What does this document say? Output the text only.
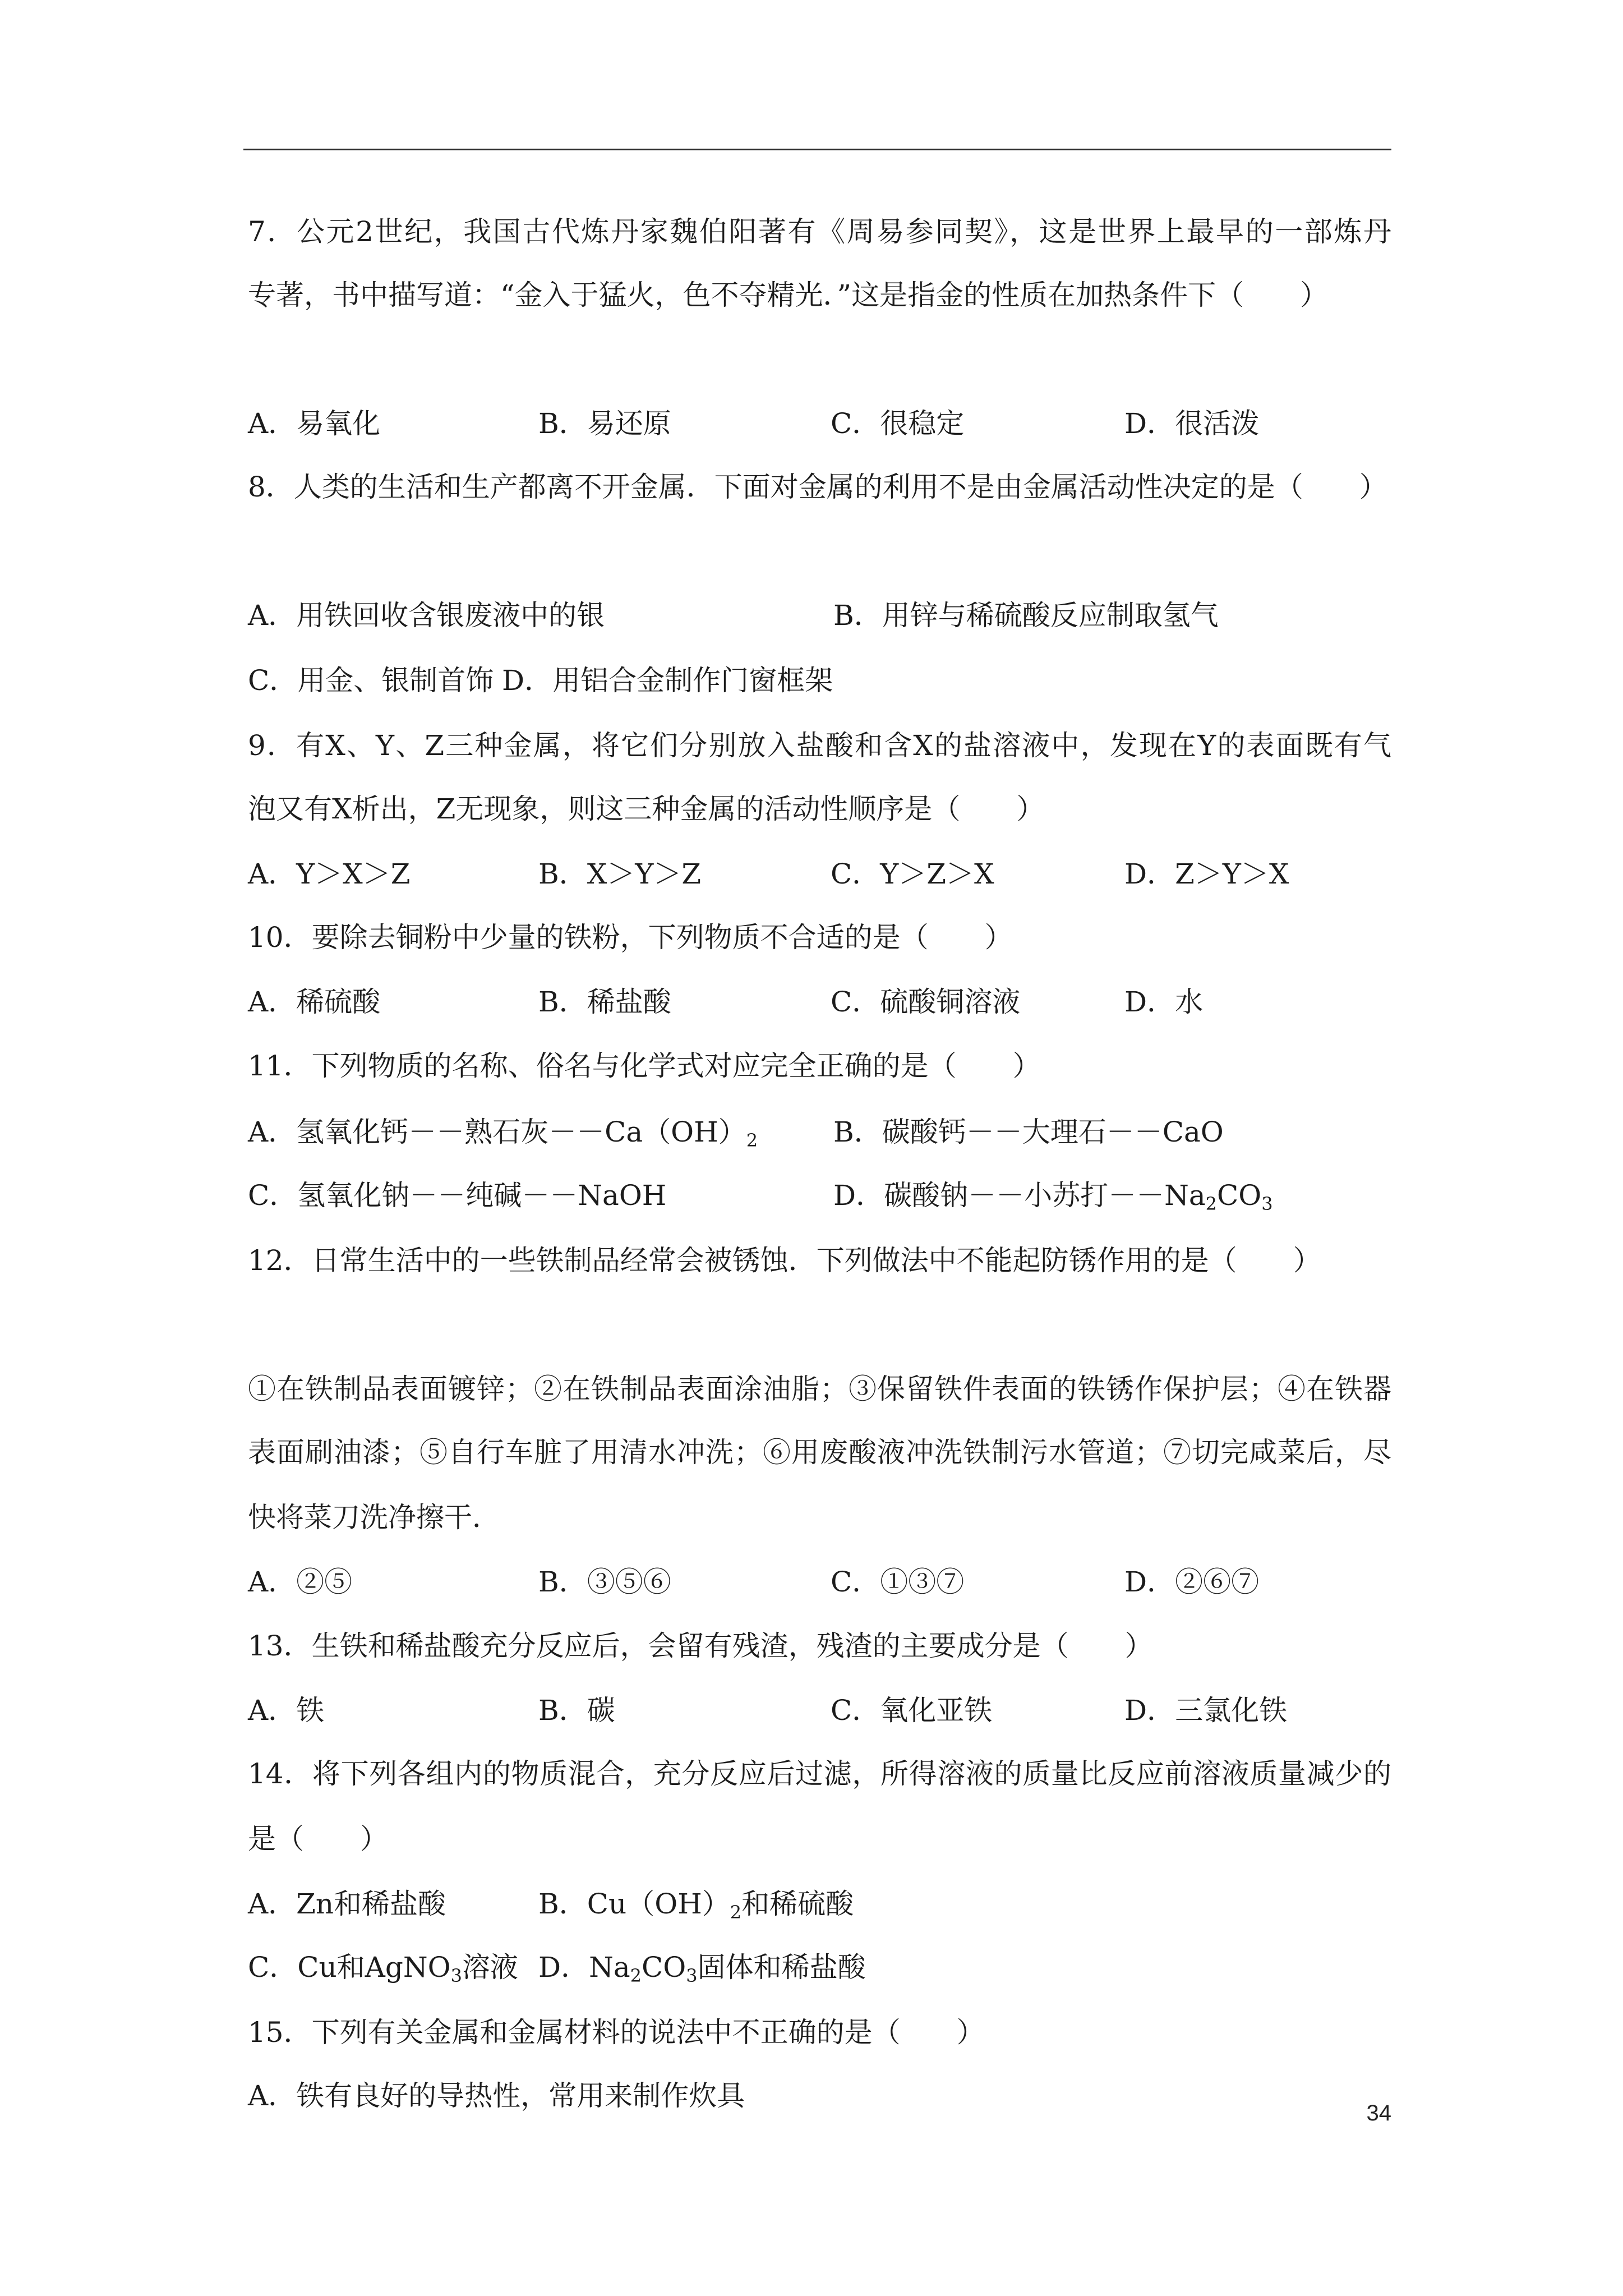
7．公元2世纪，我国古代炼丹家魏伯阳著有《周易参同契》，这是世界上最早的一部炼丹
专著，书中描写道：“金入于猛火，色不夺精光．”这是指金的性质在加热条件下（　　）
A．易氧化	B．易还原	C．很稳定	D．很活泼
8．人类的生活和生产都离不开金属．下面对金属的利用不是由金属活动性决定的是（　　）
A．用铁回收含银废液中的银	B．用锌与稀硫酸反应制取氢气
C．用金、银制首饰 D．用铝合金制作门窗框架
9．有X、Y、Z三种金属，将它们分别放入盐酸和含X的盐溶液中，发现在Y的表面既有气
泡又有X析出，Z无现象，则这三种金属的活动性顺序是（　　）
A．Y＞X＞Z	B．X＞Y＞Z	C．Y＞Z＞X	D．Z＞Y＞X
10．要除去铜粉中少量的铁粉，下列物质不合适的是（　　）
A．稀硫酸	B．稀盐酸	C．硫酸铜溶液	D．水
11．下列物质的名称、俗名与化学式对应完全正确的是（　　）
A．氢氧化钙－－熟石灰$--Ca(OH)_2$	B．碳酸钙－－大理石－－CaO
C．氢氧化钠－－纯碱－－NaOH	D．碳酸钠－－小苏打$--Na_2CO_3$
12．日常生活中的一些铁制品经常会被锈蚀．下列做法中不能起防锈作用的是（　　）
①在铁制品表面镀锌；②在铁制品表面涂油脂；③保留铁件表面的铁锈作保护层；④在铁器
表面刷油漆；⑤自行车脏了用清水冲洗；⑥用废酸液冲洗铁制污水管道；⑦切完咸菜后，尽
快将菜刀洗净擦干．
A．②⑤	B．③⑤⑥	C．①③⑦	D．②⑥⑦
13．生铁和稀盐酸充分反应后，会留有残渣，残渣的主要成分是（　　）
A．铁	B．碳	C．氧化亚铁	D．三氯化铁
14．将下列各组内的物质混合，充分反应后过滤，所得溶液的质量比反应前溶液质量减少的
是（　　）
A．Zn和稀盐酸	B．$Cu(OH)_2$和稀硫酸
C．Cu和AgNO$_3$溶液 D．$Na_2CO_3$固体和稀盐酸
15．下列有关金属和金属材料的说法中不正确的是（　　）
A．铁有良好的导热性，常用来制作炊具
34
